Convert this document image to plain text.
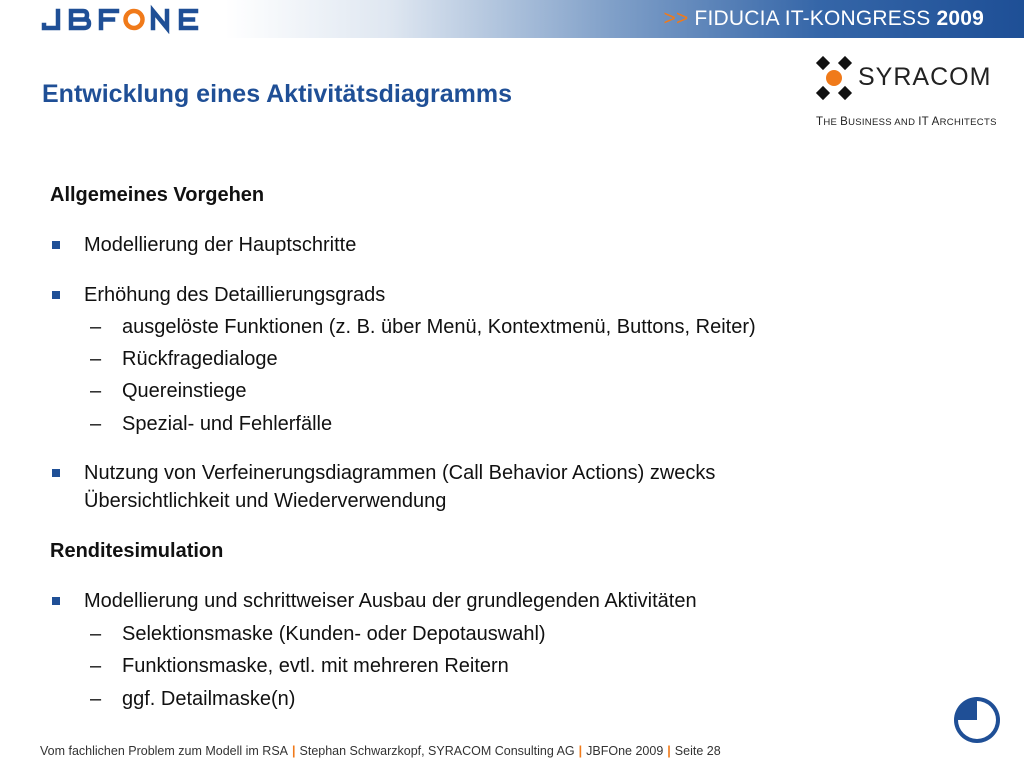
JBFONE
>> FIDUCIA IT-KONGRESS 2009
Entwicklung eines Aktivitätsdiagramms
SYRACOM
THE BUSINESS AND IT ARCHITECTS
Allgemeines Vorgehen
Modellierung der Hauptschritte
Erhöhung des Detaillierungsgrads
– ausgelöste Funktionen (z. B. über Menü, Kontextmenü, Buttons, Reiter)
– Rückfragedialoge
– Quereinstiege
– Spezial- und Fehlerfälle
Nutzung von Verfeinerungsdiagrammen (Call Behavior Actions) zwecks
Übersichtlichkeit und Wiederverwendung
Renditesimulation
Modellierung und schrittweiser Ausbau der grundlegenden Aktivitäten
– Selektionsmaske (Kunden- oder Depotauswahl)
– Funktionsmaske, evtl. mit mehreren Reitern
– ggf. Detailmaske(n)
Vom fachlichen Problem zum Modell im RSA | Stephan Schwarzkopf, SYRACOM Consulting AG | JBFOne 2009 | Seite 28
